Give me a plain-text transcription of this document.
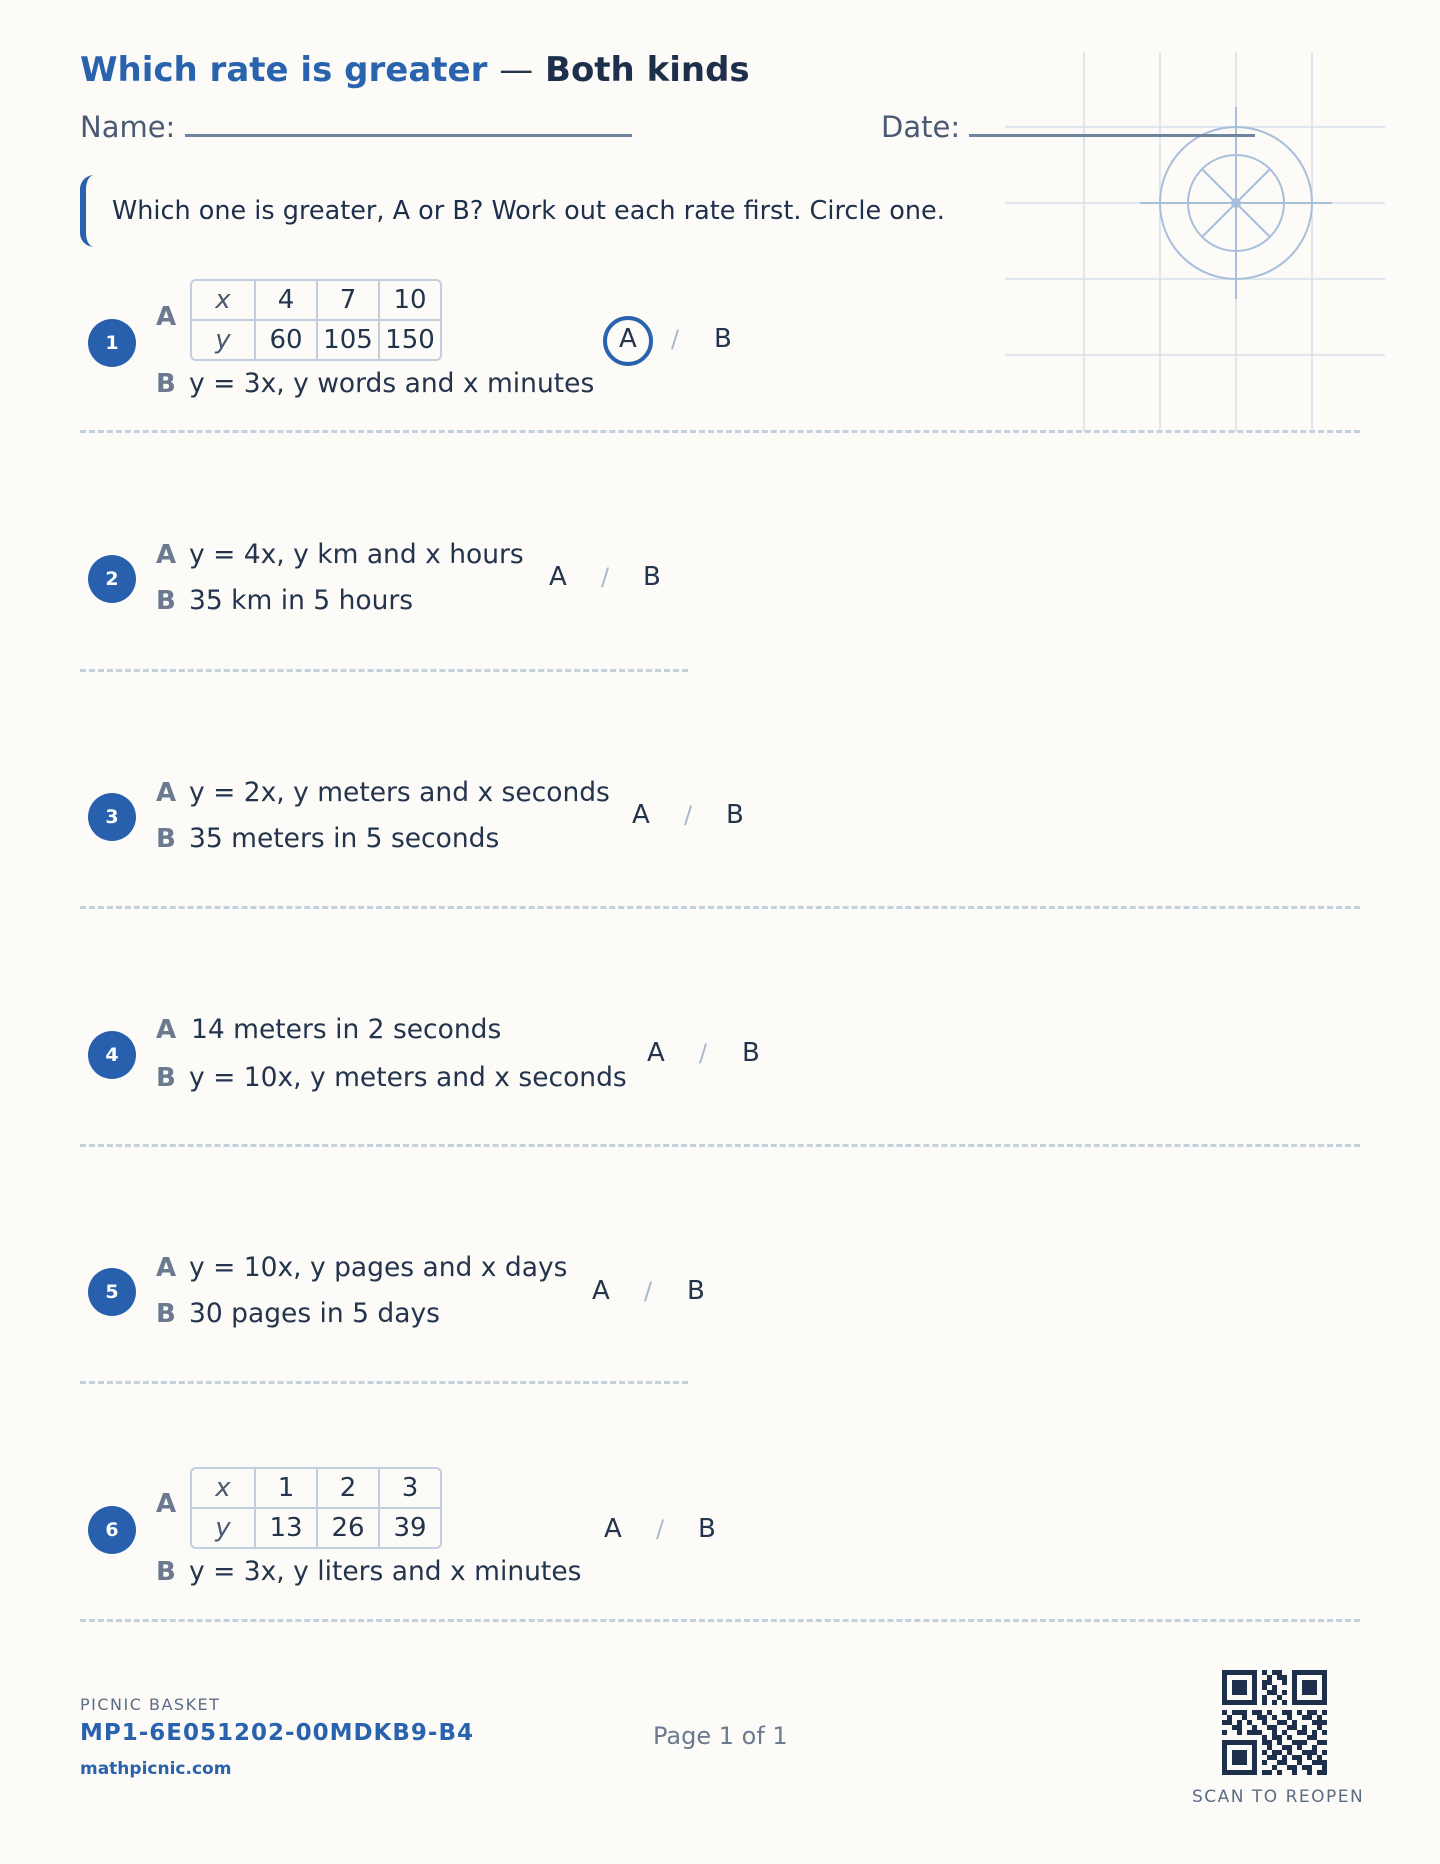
Which rate is greater — Both kinds
Name:	Date:
Which one is greater, A or B? Work out each rate first. Circle one.
1
A
x	4	7	10
y	60	105	150
B y = 3x, y words and x minutes
A / B
2
A y = 4x, y km and x hours
B 35 km in 5 hours
A / B
3
A y = 2x, y meters and x seconds
B 35 meters in 5 seconds
A / B
4
A 14 meters in 2 seconds
B y = 10x, y meters and x seconds
A / B
5
A y = 10x, y pages and x days
B 30 pages in 5 days
A / B
6
A
x	1	2	3
y	13	26	39
B y = 3x, y liters and x minutes
A / B
PICNIC BASKET
MP1-6E051202-00MDKB9-B4
mathpicnic.com
Page 1 of 1
SCAN TO REOPEN
